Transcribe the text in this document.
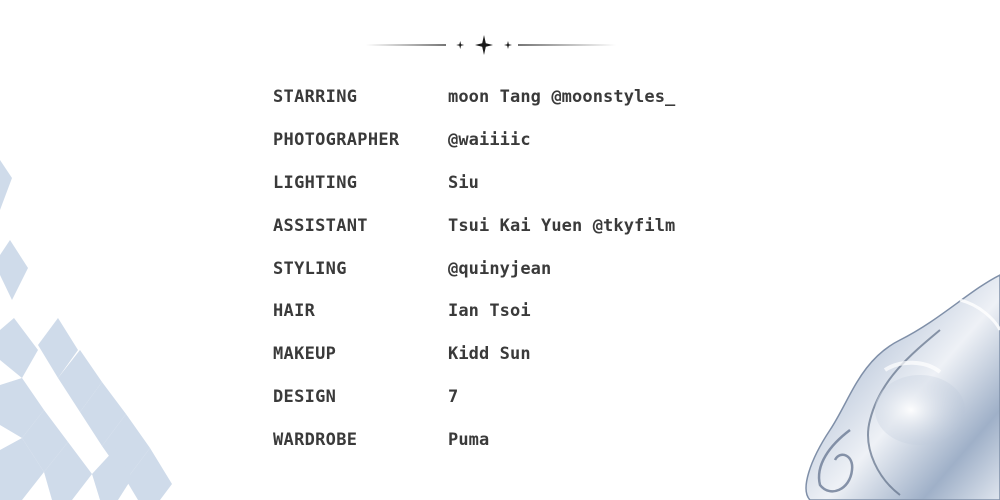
STARRING	moon Tang @moonstyles_
PHOTOGRAPHER	@waiiiic
LIGHTING	Siu
ASSISTANT	Tsui Kai Yuen @tkyfilm
STYLING	@quinyjean
HAIR	Ian Tsoi
MAKEUP	Kidd Sun
DESIGN	7
WARDROBE	Puma
